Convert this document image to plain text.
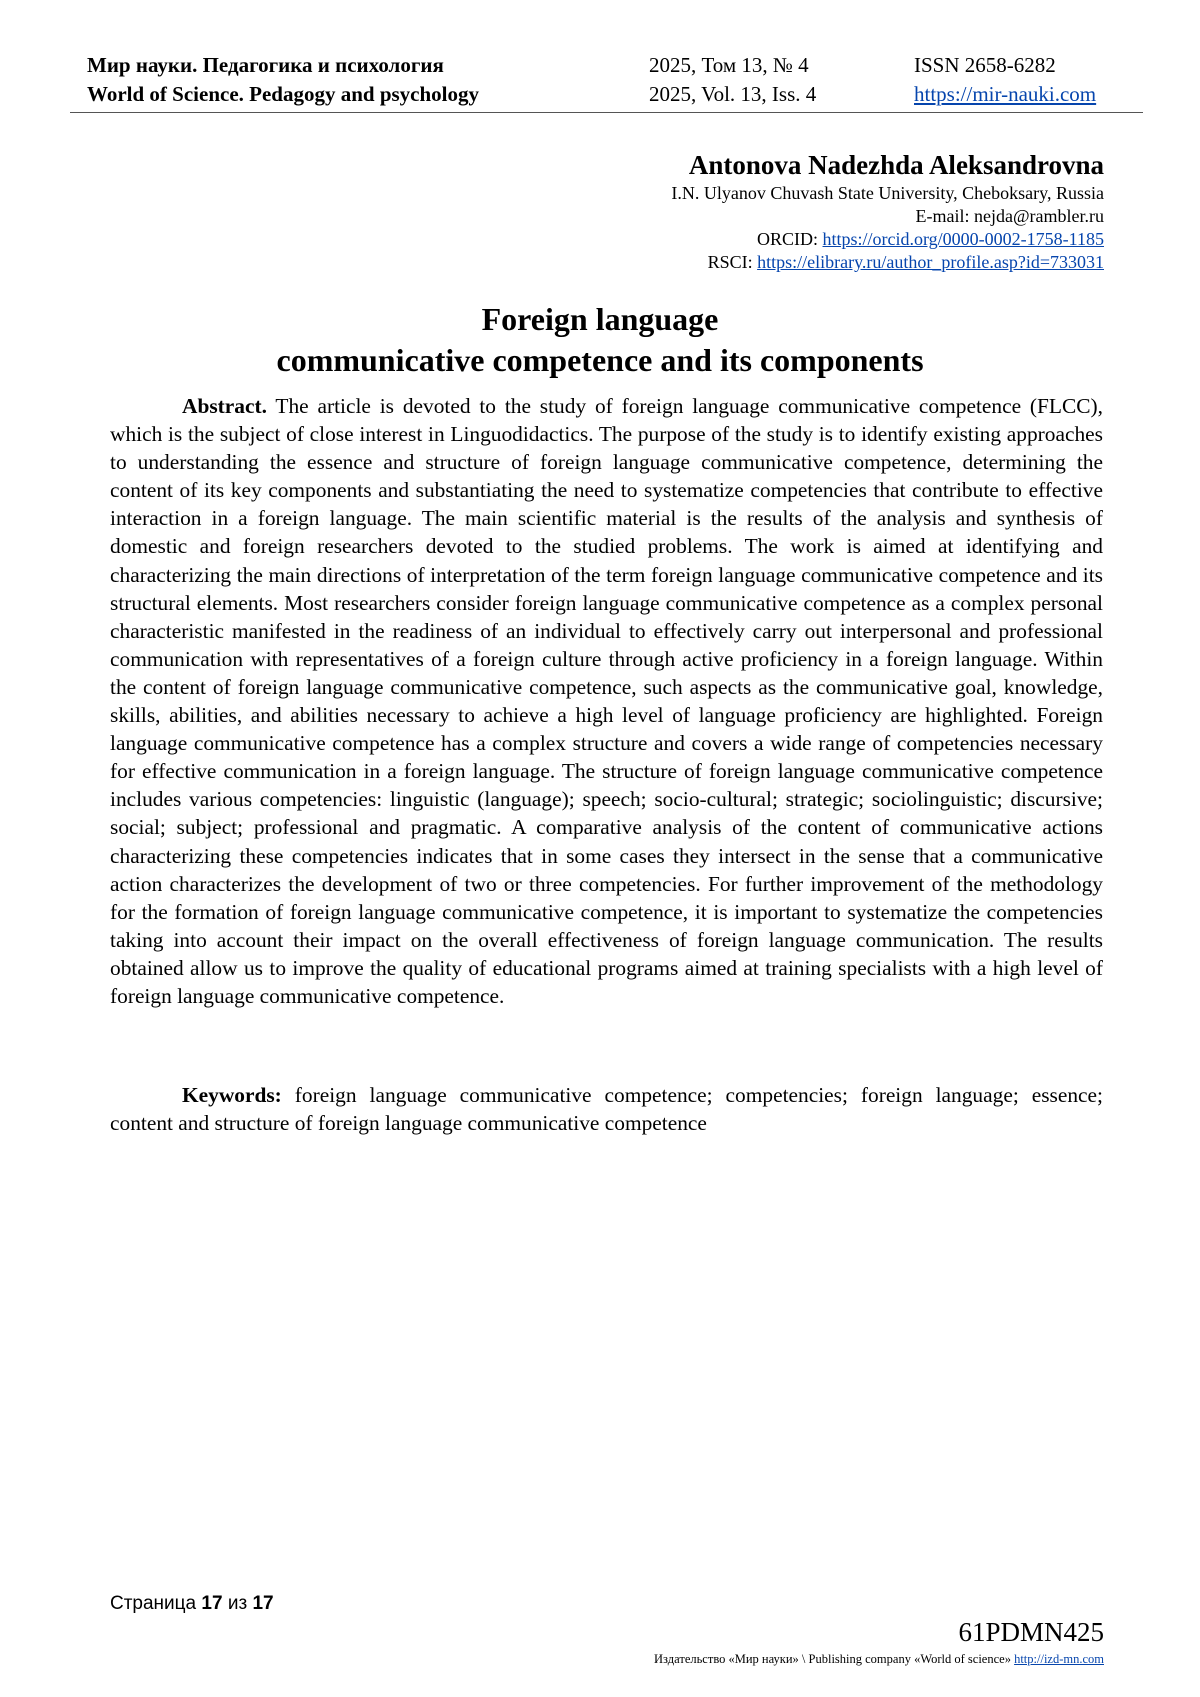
Мир науки. Педагогика и психология
World of Science. Pedagogy and psychology
2025, Том 13, № 4
2025, Vol. 13, Iss. 4
ISSN 2658-6282
https://mir-nauki.com
Antonova Nadezhda Aleksandrovna
I.N. Ulyanov Chuvash State University, Cheboksary, Russia
E-mail: nejda@rambler.ru
ORCID: https://orcid.org/0000-0002-1758-1185
RSCI: https://elibrary.ru/author_profile.asp?id=733031
Foreign language
communicative competence and its components
Abstract. The article is devoted to the study of foreign language communicative competence (FLCC), which is the subject of close interest in Linguodidactics. The purpose of the study is to identify existing approaches to understanding the essence and structure of foreign language communicative competence, determining the content of its key components and substantiating the need to systematize competencies that contribute to effective interaction in a foreign language. The main scientific material is the results of the analysis and synthesis of domestic and foreign researchers devoted to the studied problems. The work is aimed at identifying and characterizing the main directions of interpretation of the term foreign language communicative competence and its structural elements. Most researchers consider foreign language communicative competence as a complex personal characteristic manifested in the readiness of an individual to effectively carry out interpersonal and professional communication with representatives of a foreign culture through active proficiency in a foreign language. Within the content of foreign language communicative competence, such aspects as the communicative goal, knowledge, skills, abilities, and abilities necessary to achieve a high level of language proficiency are highlighted. Foreign language communicative competence has a complex structure and covers a wide range of competencies necessary for effective communication in a foreign language. The structure of foreign language communicative competence includes various competencies: linguistic (language); speech; socio-cultural; strategic; sociolinguistic; discursive; social; subject; professional and pragmatic. A comparative analysis of the content of communicative actions characterizing these competencies indicates that in some cases they intersect in the sense that a communicative action characterizes the development of two or three competencies. For further improvement of the methodology for the formation of foreign language communicative competence, it is important to systematize the competencies taking into account their impact on the overall effectiveness of foreign language communication. The results obtained allow us to improve the quality of educational programs aimed at training specialists with a high level of foreign language communicative competence.
Keywords: foreign language communicative competence; competencies; foreign language; essence; content and structure of foreign language communicative competence
Страница 17 из 17
61PDMN425
Издательство «Мир науки» \ Publishing company «World of science» http://izd-mn.com
